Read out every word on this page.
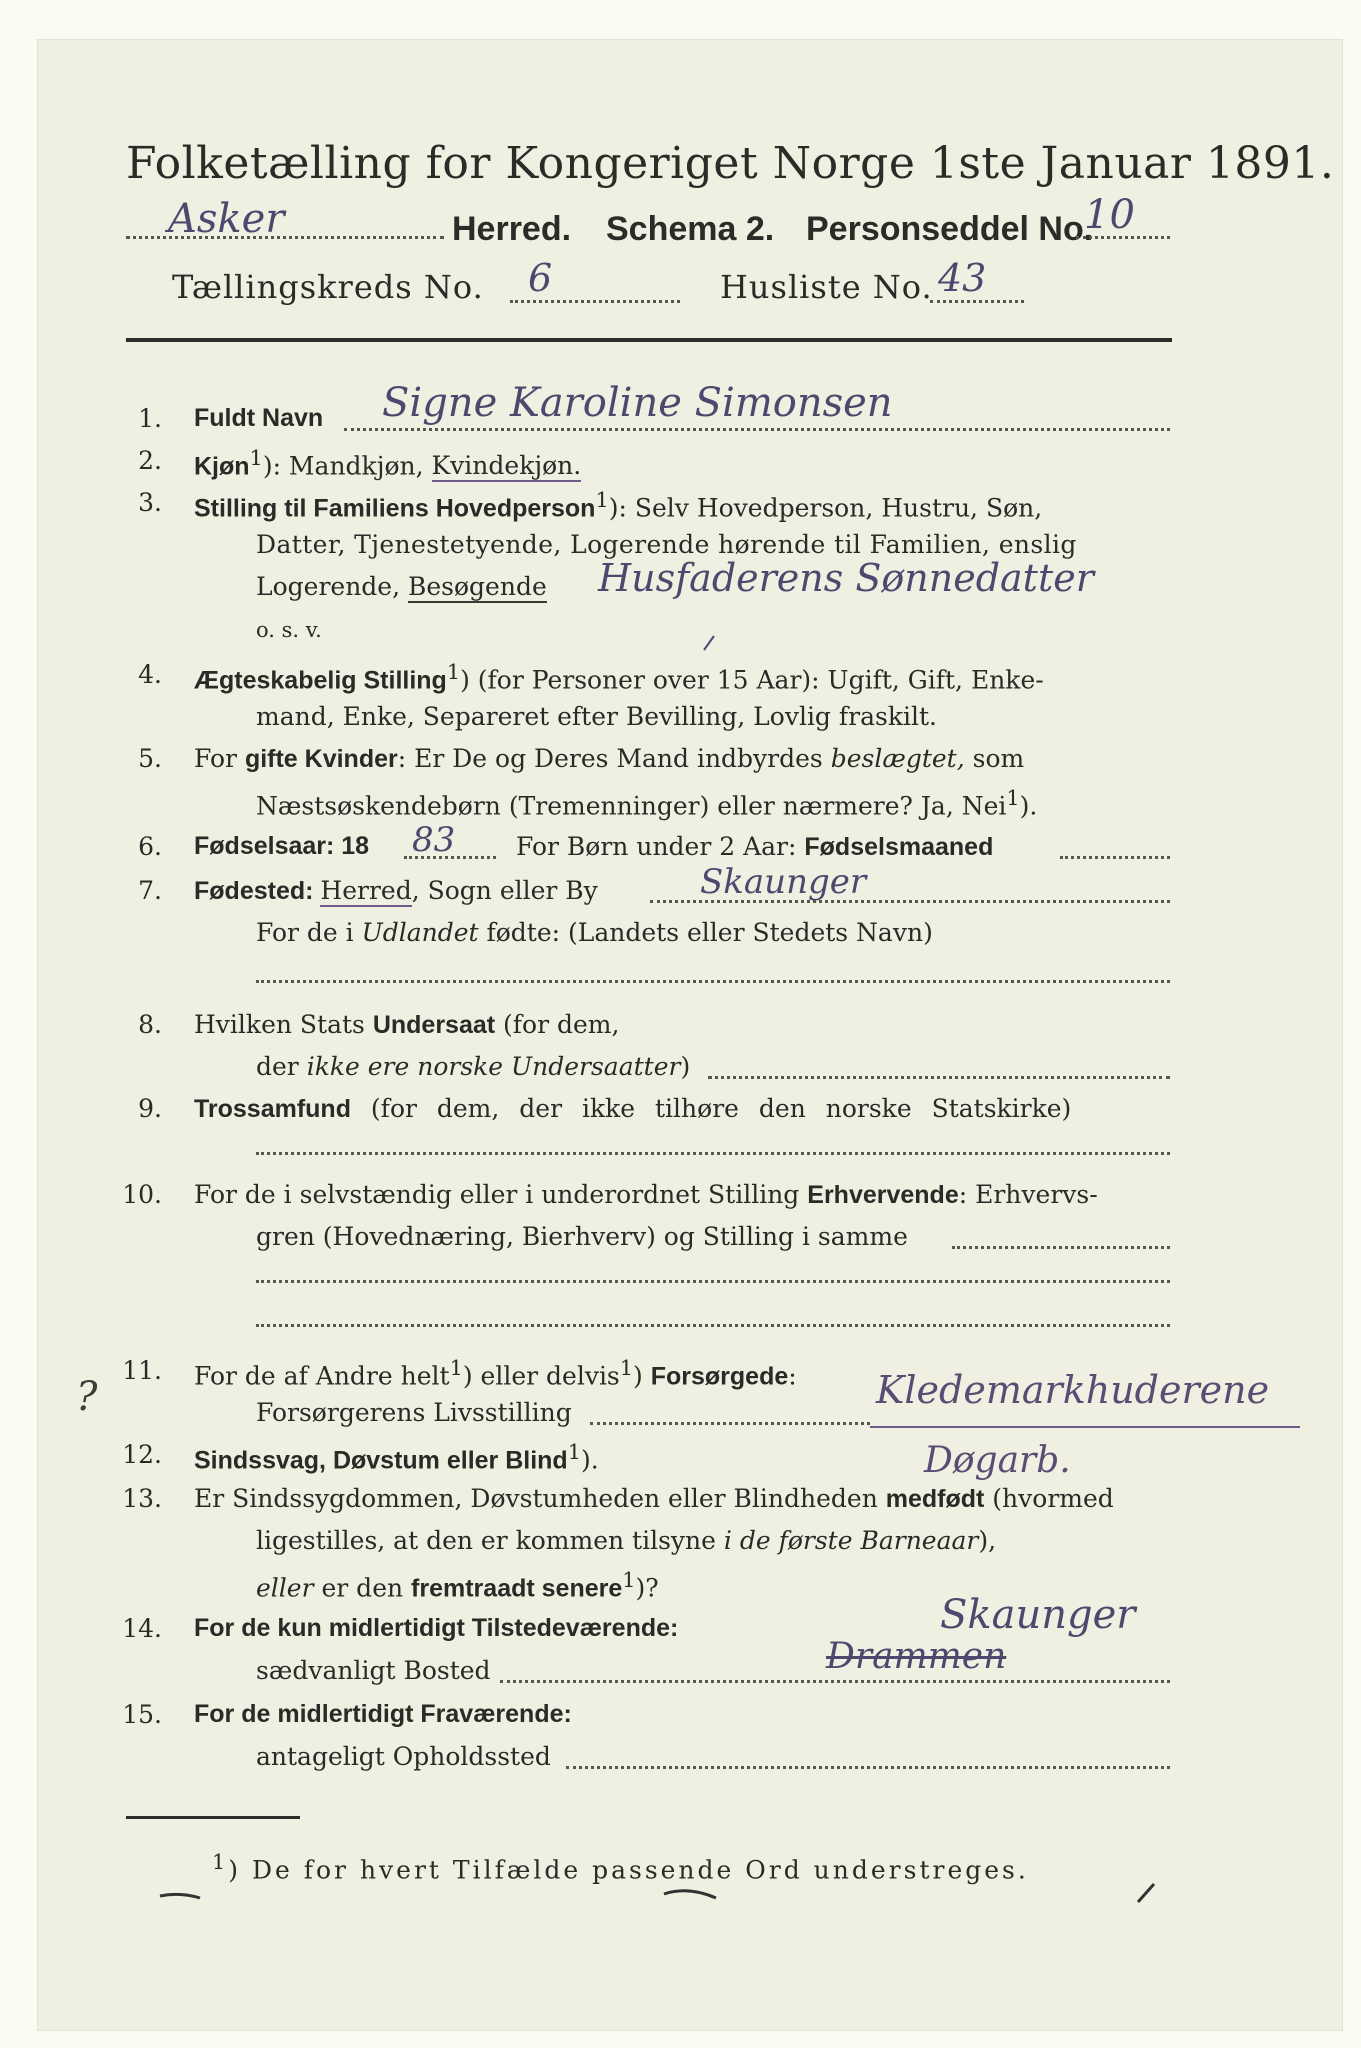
Folketælling for Kongeriget Norge 1ste Januar 1891.
Asker	Herred. Schema 2. Personseddel No.
10
Tællingskreds No. 6	Husliste No. 43
1. Fuldt Navn Signe Karoline Simonsen
2. Kjøn$^1$): Mandkjøn, Kvindekjøn.
3. Stilling til Familiens Hovedperson$^1$): Selv Hovedperson, Hustru, Søn,
Datter, Tjenestetyende, Logerende hørende til Familien, enslig
Logerende, Besøgende Husfaderens Sønnedatter
o. s. v.
4. Ægteskabelig Stilling$^1$) (for Personer over 15 Aar): Ugift, Gift, Enke-
mand, Enke, Separeret efter Bevilling, Lovlig fraskilt.
5. For gifte Kvinder: Er De og Deres Mand indbyrdes beslægtet, som
Næstsøskendebørn (Tremenninger) eller nærmere? Ja, Nei$^1$).
6. Fødselsaar: 18 83 For Børn under 2 Aar: Fødselsmaaned
7. Fødested: Herred, Sogn eller By	Skaunger
For de i Udlandet fødte: (Landets eller Stedets Navn)
8. Hvilken Stats Undersaat (for dem,
der ikke ere norske Undersaatter)
9. Trossamfund (for dem, der ikke tilhøre den norske Statskirke)
10. For de i selvstændig eller i underordnet Stilling Erhvervende: Erhvervs-
gren (Hovednæring, Bierhverv) og Stilling i samme
?
11. For de af Andre helt$^1$) eller delvis$^1$) Forsørgede:
Forsørgerens Livsstilling
Kledemarkhuderene
12. Sindssvag, Døvstum eller Blind$^1$).	Døgarb.
13. Er Sindssygdommen, Døvstumheden eller Blindheden medfødt (hvormed
ligestilles, at den er kommen tilsyne i de første Barneaar),
eller er den fremtraadt senere$^1$)?
14. For de kun midlertidigt Tilstedeværende:
sædvanligt Bosted	Drammen
Skaunger
15. For de midlertidigt Fraværende:
antageligt Opholdssted
$^1$) De for hvert Tilfælde passende Ord understreges.
